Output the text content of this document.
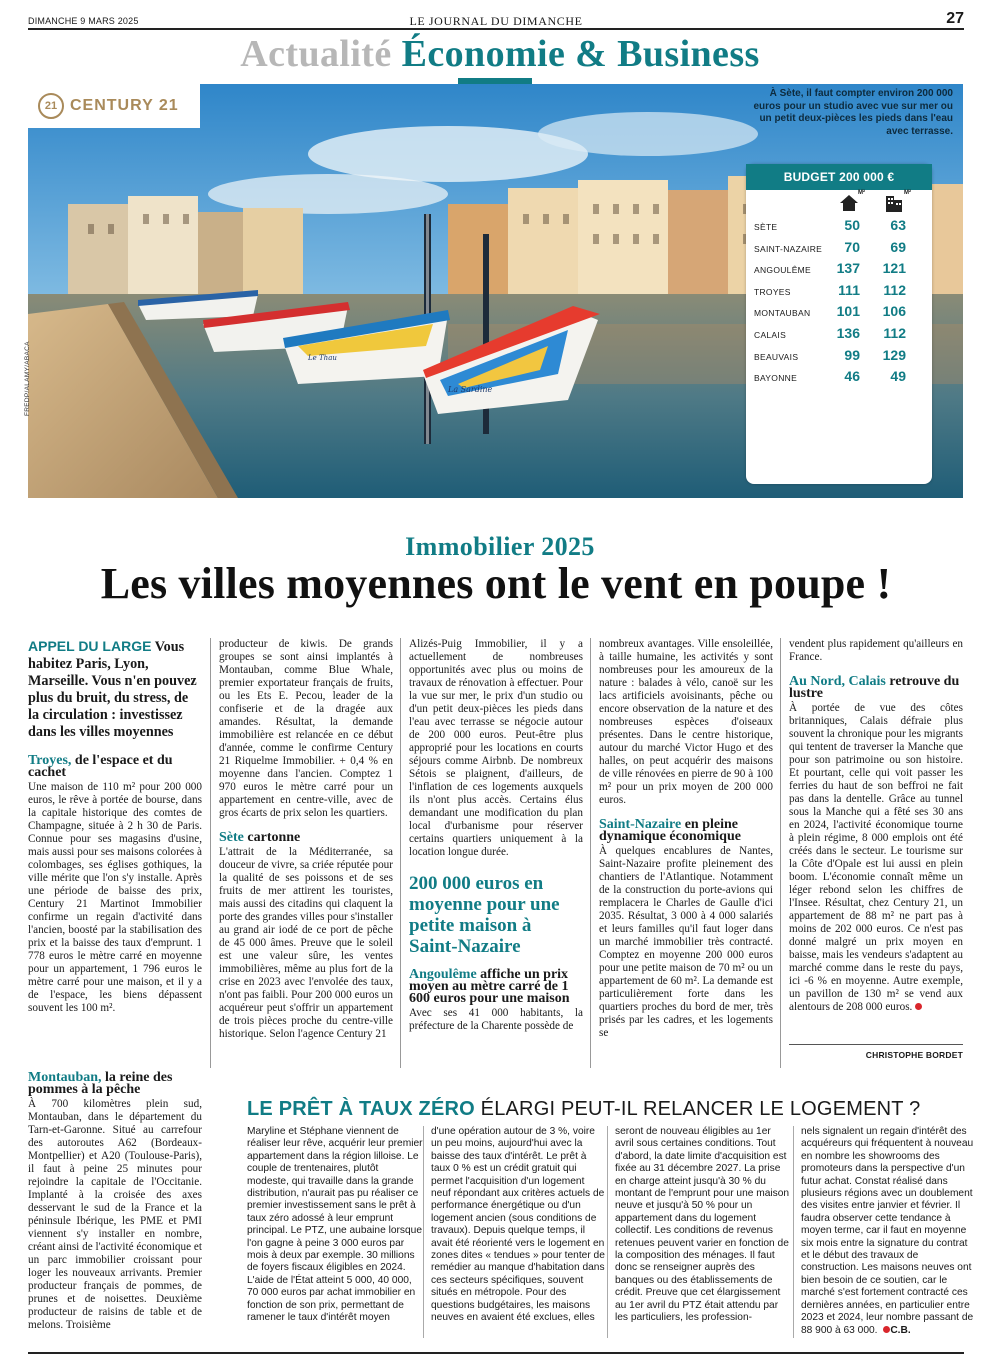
DIMANCHE 9 MARS 2025	LE JOURNAL DU DIMANCHE	27
Actualité Économie & Business
La Sardine
Le Thau
21 CENTURY 21
À Sète, il faut compter environ 200 000 euros pour un studio avec vue sur mer ou un petit deux-pièces les pieds dans l'eau avec terrasse.
FREDP/ALAMY/ABACA
BUDGET 200 000 €
M²	M²
SÈTE	50 63
SAINT-NAZAIRE 70 69
ANGOULÊME 137 121
TROYES	111 112
MONTAUBAN 101 106
CALAIS	136 112
BEAUVAIS	99 129
BAYONNE	46 49
Immobilier 2025
Les villes moyennes ont le vent en poupe !

APPEL DU LARGE Vous habitez Paris, Lyon, Marseille. Vous n'en pouvez plus du bruit, du stress, de la circulation : investissez dans les villes moyennes

Troyes, de l'espace et du cachet

Une maison de 110 m² pour 200 000 euros, le rêve à portée de bourse, dans la capitale historique des comtes de Champagne, située à 2 h 30 de Paris. Connue pour ses magasins d'usine, mais aussi pour ses maisons colorées à colombages, ses églises gothiques, la ville mérite que l'on s'y installe. Après une période de baisse des prix, Century 21 Martinot Immobilier confirme un regain d'activité dans l'ancien, boosté par la stabilisation des prix et la baisse des taux d'emprunt. 1 778 euros le mètre carré en moyenne pour un appartement, 1 796 euros le mètre carré pour une maison, et il y a de l'espace, les biens dépassent souvent les 100 m².

Montauban, la reine des pommes à la pêche

À 700 kilomètres plein sud, Montauban, dans le département du Tarn-et-Garonne. Situé au carrefour des autoroutes A62 (Bordeaux-Montpellier) et A20 (Toulouse-Paris), il faut à peine 25 minutes pour rejoindre la capitale de l'Occitanie. Implanté à la croisée des axes desservant le sud de la France et la péninsule Ibérique, les PME et PMI viennent s'y installer en nombre, créant ainsi de l'activité économique et un parc immobilier croissant pour loger les nouveaux arrivants. Premier producteur français de pommes, de prunes et de noisettes. Deuxième producteur de raisins de table et de melons. Troisième

producteur de kiwis. De grands groupes se sont ainsi implantés à Montauban, comme Blue Whale, premier exportateur français de fruits, ou les Ets E. Pecou, leader de la confiserie et de la dragée aux amandes. Résultat, la demande immobilière est relancée en ce début d'année, comme le confirme Century 21 Riquelme Immobilier. + 0,4 % en moyenne dans l'ancien. Comptez 1 970 euros le mètre carré pour un appartement en centre-ville, avec de gros écarts de prix selon les quartiers.

Sète cartonne

L'attrait de la Méditerranée, sa douceur de vivre, sa criée réputée pour la qualité de ses poissons et de ses fruits de mer attirent les touristes, mais aussi des citadins qui claquent la porte des grandes villes pour s'installer au grand air iodé de ce port de pêche de 45 000 âmes. Preuve que le soleil est une valeur sûre, les ventes immobilières, même au plus fort de la crise en 2023 avec l'envolée des taux, n'ont pas faibli. Pour 200 000 euros un acquéreur peut s'offrir un appartement de trois pièces proche du centre-ville historique. Selon l'agence Century 21

Alizés-Puig Immobilier, il y a actuellement de nombreuses opportunités avec plus ou moins de travaux de rénovation à effectuer. Pour la vue sur mer, le prix d'un studio ou d'un petit deux-pièces les pieds dans l'eau avec terrasse se négocie autour de 200 000 euros. Peut-être plus approprié pour les locations en courts séjours comme Airbnb. De nombreux Sétois se plaignent, d'ailleurs, de l'inflation de ces logements auxquels ils n'ont plus accès. Certains élus demandant une modification du plan local d'urbanisme pour réserver certains quartiers uniquement à la location longue durée.

200 000 euros en moyenne pour une petite maison à Saint-Nazaire
Angoulême affiche un prix moyen au mètre carré de 1 600 euros pour une maison

Avec ses 41 000 habitants, la préfecture de la Charente possède de

nombreux avantages. Ville ensoleillée, à taille humaine, les activités y sont nombreuses pour les amoureux de la nature : balades à vélo, canoë sur les lacs artificiels avoisinants, pêche ou encore observation de la nature et des nombreuses espèces d'oiseaux présentes. Dans le centre historique, autour du marché Victor Hugo et des halles, on peut acquérir des maisons de ville rénovées en pierre de 90 à 100 m² pour un prix moyen de 200 000 euros.

Saint-Nazaire en pleine dynamique économique

À quelques encablures de Nantes, Saint-Nazaire profite pleinement des chantiers de l'Atlantique. Notamment de la construction du porte-avions qui remplacera le Charles de Gaulle d'ici 2035. Résultat, 3 000 à 4 000 salariés et leurs familles qu'il faut loger dans un marché immobilier très contracté. Comptez en moyenne 200 000 euros pour une petite maison de 70 m² ou un appartement de 60 m². La demande est particulièrement forte dans les quartiers proches du bord de mer, très prisés par les cadres, et les logements se

vendent plus rapidement qu'ailleurs en France.

Au Nord, Calais retrouve du lustre

À portée de vue des côtes britanniques, Calais défraie plus souvent la chronique pour les migrants qui tentent de traverser la Manche que pour son patrimoine ou son histoire. Et pourtant, celle qui voit passer les ferries du haut de son beffroi ne fait pas dans la dentelle. Grâce au tunnel sous la Manche qui a fêté ses 30 ans en 2024, l'activité économique tourne à plein régime, 8 000 emplois ont été créés dans le secteur. Le tourisme sur la Côte d'Opale est lui aussi en plein boom. L'économie connaît même un léger rebond selon les chiffres de l'Insee. Résultat, chez Century 21, un appartement de 88 m² ne part pas à moins de 202 000 euros. Ce n'est pas donné malgré un prix moyen en baisse, mais les vendeurs s'adaptent au marché comme dans le reste du pays, ici -6 % en moyenne. Autre exemple, un pavillon de 130 m² se vend aux alentours de 208 000 euros.

CHRISTOPHE BORDET
LE PRÊT À TAUX ZÉRO ÉLARGI PEUT-IL RELANCER LE LOGEMENT ?
Maryline et Stéphane viennent de réaliser leur rêve, acquérir leur premier appartement dans la région lilloise. Le couple de trentenaires, plutôt modeste, qui travaille dans la grande distribution, n'aurait pas pu réaliser ce premier investissement sans le prêt à taux zéro adossé à leur emprunt principal. Le PTZ, une aubaine lorsque l'on gagne à peine 3 000 euros par mois à deux par exemple. 30 millions de foyers fiscaux éligibles en 2024. L'aide de l'État atteint 5 000, 40 000, 70 000 euros par achat immobilier en fonction de son prix, permettant de ramener le taux d'intérêt moyen
d'une opération autour de 3 %, voire un peu moins, aujourd'hui avec la baisse des taux d'intérêt. Le prêt à taux 0 % est un crédit gratuit qui permet l'acquisition d'un logement neuf répondant aux critères actuels de performance énergétique ou d'un logement ancien (sous conditions de travaux). Depuis quelque temps, il avait été réorienté vers le logement en zones dites « tendues » pour tenter de remédier au manque d'habitation dans ces secteurs spécifiques, souvent situés en métropole. Pour des questions budgétaires, les maisons neuves en avaient été exclues, elles
seront de nouveau éligibles au 1er avril sous certaines conditions. Tout d'abord, la date limite d'acquisition est fixée au 31 décembre 2027. La prise en charge atteint jusqu'à 30 % du montant de l'emprunt pour une maison neuve et jusqu'à 50 % pour un appartement dans du logement collectif. Les conditions de revenus retenues peuvent varier en fonction de la composition des ménages. Il faut donc se renseigner auprès des banques ou des établissements de crédit. Preuve que cet élargissement au 1er avril du PTZ était attendu par les particuliers, les profession-
nels signalent un regain d'intérêt des acquéreurs qui fréquentent à nouveau en nombre les showrooms des promoteurs dans la perspective d'un futur achat. Constat réalisé dans plusieurs régions avec un doublement des visites entre janvier et février. Il faudra observer cette tendance à moyen terme, car il faut en moyenne six mois entre la signature du contrat et le début des travaux de construction. Les maisons neuves ont bien besoin de ce soutien, car le marché s'est fortement contracté ces dernières années, en particulier entre 2023 et 2024, leur nombre passant de 88 900 à 63 000. C.B.
